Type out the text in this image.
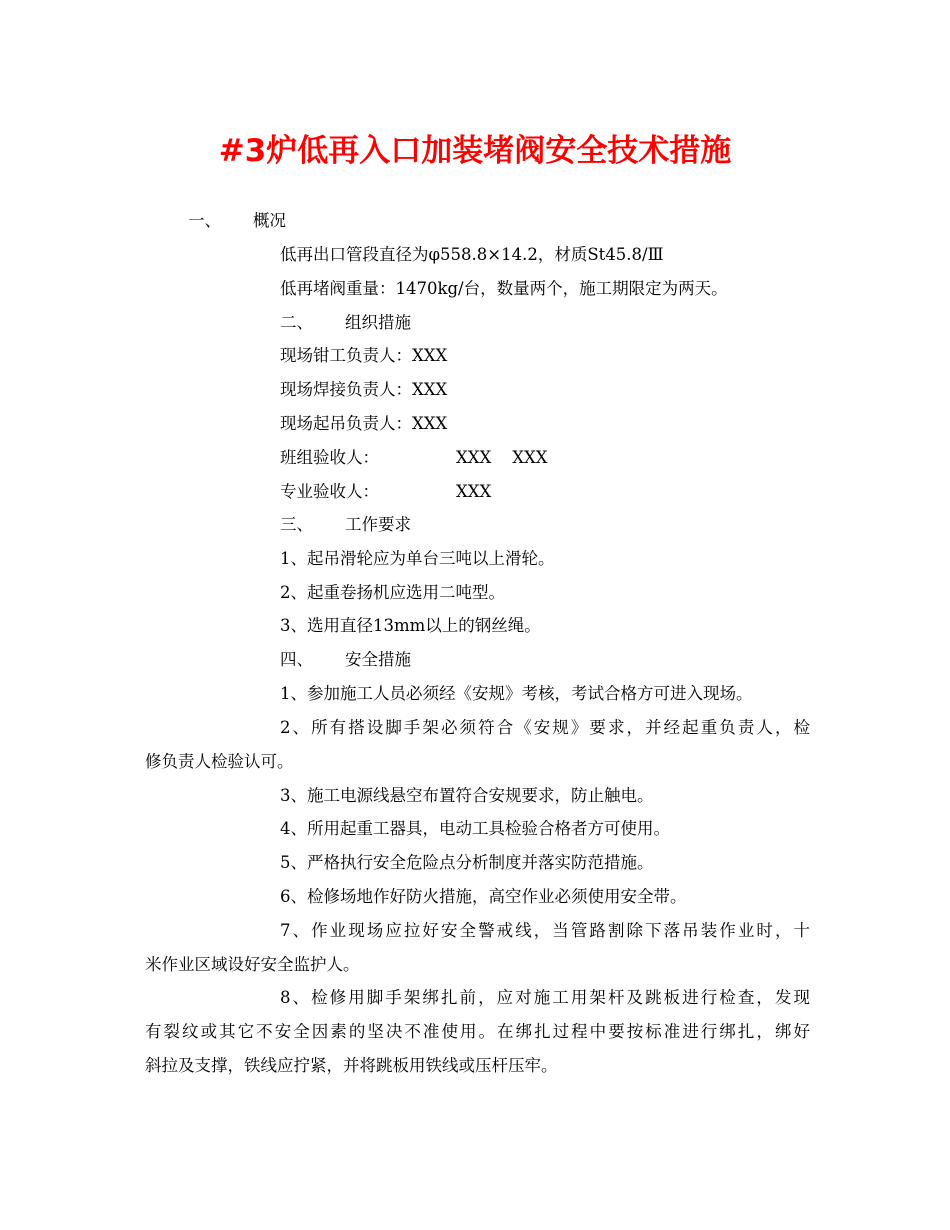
#3炉低再入口加装堵阀安全技术措施
一、 概况
低再出口管段直径为φ558.8×14.2，材质St45.8/Ⅲ
低再堵阀重量：1470kg/台，数量两个，施工期限定为两天。
二、 组织措施
现场钳工负责人：XXX
现场焊接负责人：XXX
现场起吊负责人：XXX
班组验收人：	XXX    XXX
专业验收人：	XXX
三、 工作要求
1、起吊滑轮应为单台三吨以上滑轮。
2、起重卷扬机应选用二吨型。
3、选用直径13mm以上的钢丝绳。
四、 安全措施
1、参加施工人员必须经《安规》考核，考试合格方可进入现场。
2、所有搭设脚手架必须符合《安规》要求，并经起重负责人，检
修负责人检验认可。
3、施工电源线悬空布置符合安规要求，防止触电。
4、所用起重工器具，电动工具检验合格者方可使用。
5、严格执行安全危险点分析制度并落实防范措施。
6、检修场地作好防火措施，高空作业必须使用安全带。
7、作业现场应拉好安全警戒线，当管路割除下落吊装作业时，十
米作业区域设好安全监护人。
8、检修用脚手架绑扎前，应对施工用架杆及跳板进行检查，发现
有裂纹或其它不安全因素的坚决不准使用。在绑扎过程中要按标准进行绑扎，绑好
斜拉及支撑，铁线应拧紧，并将跳板用铁线或压杆压牢。
